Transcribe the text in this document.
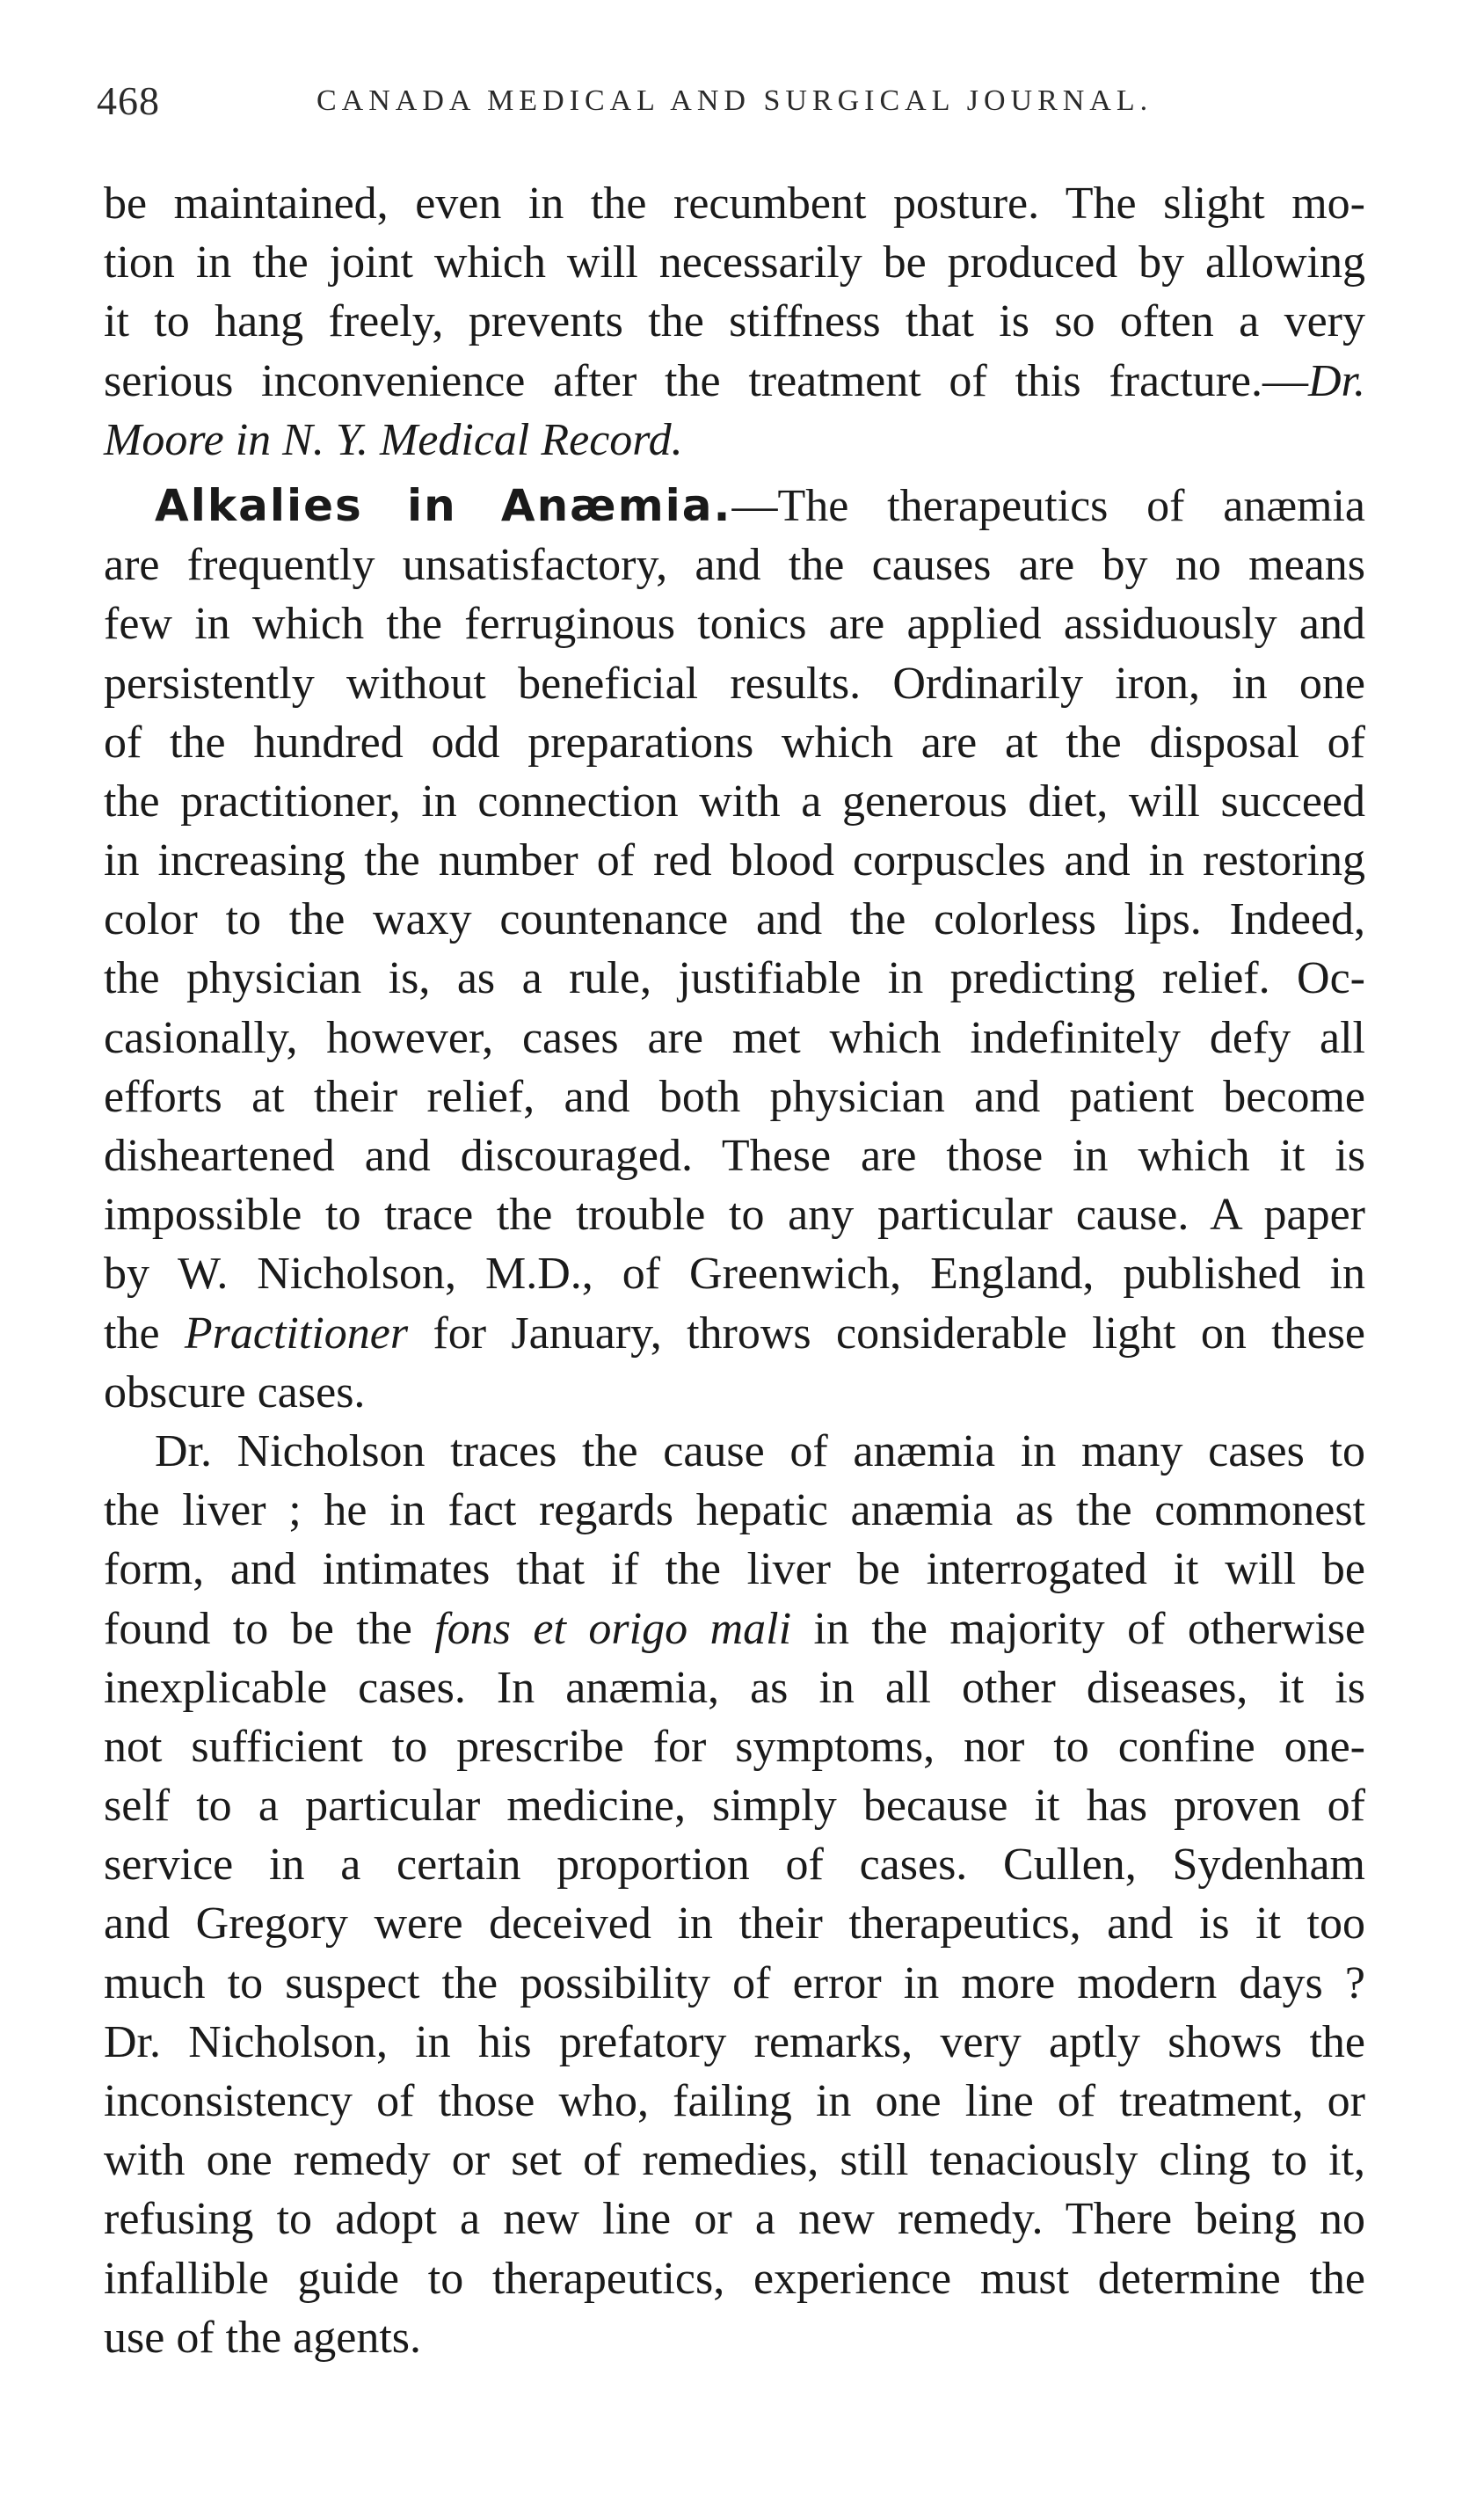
468	CANADA MEDICAL AND SURGICAL JOURNAL.
be maintained, even in the recumbent posture. The slight mo-
tion in the joint which will necessarily be produced by allowing
it to hang freely, prevents the stiffness that is so often a very
serious inconvenience after the treatment of this fracture.—Dr.
Moore in N. Y. Medical Record.
Alkalies in Anæmia.—The therapeutics of anæmia
are frequently unsatisfactory, and the causes are by no means
few in which the ferruginous tonics are applied assiduously and
persistently without beneficial results. Ordinarily iron, in one
of the hundred odd preparations which are at the disposal of
the practitioner, in connection with a generous diet, will succeed
in increasing the number of red blood corpuscles and in restoring
color to the waxy countenance and the colorless lips. Indeed,
the physician is, as a rule, justifiable in predicting relief. Oc-
casionally, however, cases are met which indefinitely defy all
efforts at their relief, and both physician and patient become
disheartened and discouraged. These are those in which it is
impossible to trace the trouble to any particular cause. A paper
by W. Nicholson, M.D., of Greenwich, England, published in
the Practitioner for January, throws considerable light on these
obscure cases.
Dr. Nicholson traces the cause of anæmia in many cases to
the liver ; he in fact regards hepatic anæmia as the commonest
form, and intimates that if the liver be interrogated it will be
found to be the fons et origo mali in the majority of otherwise
inexplicable cases. In anæmia, as in all other diseases, it is
not sufficient to prescribe for symptoms, nor to confine one-
self to a particular medicine, simply because it has proven of
service in a certain proportion of cases. Cullen, Sydenham
and Gregory were deceived in their therapeutics, and is it too
much to suspect the possibility of error in more modern days ?
Dr. Nicholson, in his prefatory remarks, very aptly shows the
inconsistency of those who, failing in one line of treatment, or
with one remedy or set of remedies, still tenaciously cling to it,
refusing to adopt a new line or a new remedy. There being no
infallible guide to therapeutics, experience must determine the
use of the agents.
